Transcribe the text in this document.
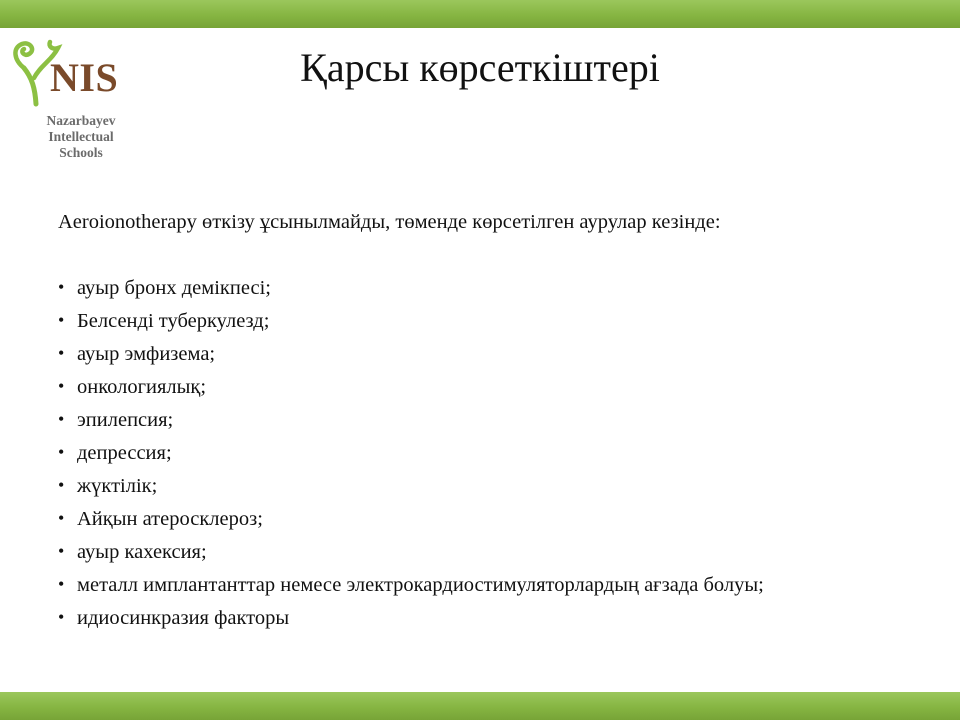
NIS
Nazarbayev
Intellectual
Schools
Қарсы көрсеткіштері
Aeroionotherapy өткізу ұсынылмайды, төменде көрсетілген аурулар кезінде:
• ауыр бронх демікпесі;
• Белсенді туберкулезд;
• ауыр эмфизема;
• онкологиялық;
• эпилепсия;
• депрессия;
• жүктілік;
• Айқын атеросклероз;
• ауыр кахексия;
• металл имплантанттар немесе электрокардиостимуляторлардың ағзада болуы;
• идиосинкразия факторы
